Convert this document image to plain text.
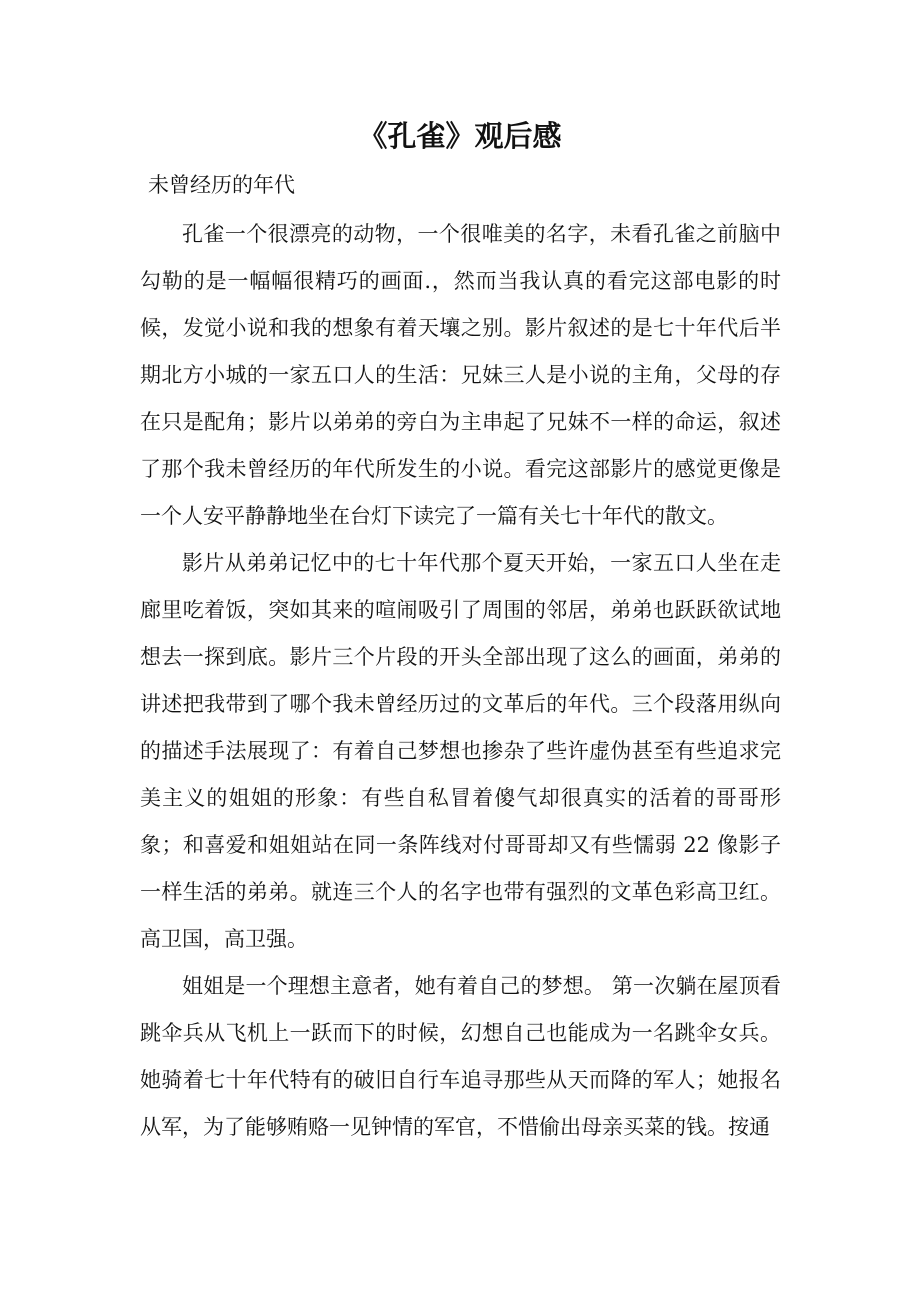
《孔雀》观后感

未曾经历的年代

孔雀一个很漂亮的动物，一个很唯美的名字，未看孔雀之前脑中勾勒的是一幅幅很精巧的画面.，然而当我认真的看完这部电影的时候，发觉小说和我的想象有着天壤之别。影片叙述的是七十年代后半期北方小城的一家五口人的生活：兄妹三人是小说的主角，父母的存在只是配角；影片以弟弟的旁白为主串起了兄妹不一样的命运，叙述了那个我未曾经历的年代所发生的小说。看完这部影片的感觉更像是一个人安平静静地坐在台灯下读完了一篇有关七十年代的散文。

影片从弟弟记忆中的七十年代那个夏天开始，一家五口人坐在走廊里吃着饭，突如其来的喧闹吸引了周围的邻居，弟弟也跃跃欲试地想去一探到底。影片三个片段的开头全部出现了这么的画面，弟弟的讲述把我带到了哪个我未曾经历过的文革后的年代。三个段落用纵向的描述手法展现了：有着自己梦想也掺杂了些许虚伪甚至有些追求完美主义的姐姐的形象：有些自私冒着傻气却很真实的活着的哥哥形象；和喜爱和姐姐站在同一条阵线对付哥哥却又有些懦弱 22 像影子一样生活的弟弟。就连三个人的名字也带有强烈的文革色彩高卫红。高卫国，高卫强。

姐姐是一个理想主意者，她有着自己的梦想。 第一次躺在屋顶看跳伞兵从飞机上一跃而下的时候，幻想自己也能成为一名跳伞女兵。她骑着七十年代特有的破旧自行车追寻那些从天而降的军人；她报名从军，为了能够贿赂一见钟情的军官，不惜偷出母亲买菜的钱。按通
